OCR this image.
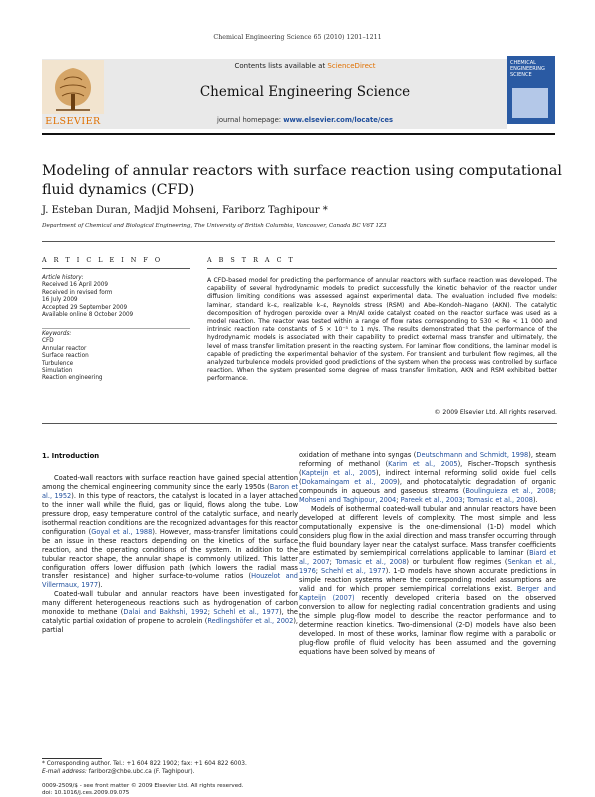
Chemical Engineering Science 65 (2010) 1201–1211
ELSEVIER
Contents lists available at ScienceDirect
Chemical Engineering Science
journal homepage: www.elsevier.com/locate/ces
CHEMICAL ENGINEERING SCIENCE
Modeling of annular reactors with surface reaction using computational fluid dynamics (CFD)
J. Esteban Duran, Madjid Mohseni, Fariborz Taghipour *
Department of Chemical and Biological Engineering, The University of British Columbia, Vancouver, Canada BC V6T 1Z3
A R T I C L E I N F O
Article history:
Received 16 April 2009
Received in revised form
16 July 2009
Accepted 29 September 2009
Available online 8 October 2009
Keywords:
CFD
Annular reactor
Surface reaction
Turbulence
Simulation
Reaction engineering
A B S T R A C T
A CFD-based model for predicting the performance of annular reactors with surface reaction was developed. The capability of several hydrodynamic models to predict successfully the kinetic behavior of the reactor under diffusion limiting conditions was assessed against experimental data. The evaluation included five models: laminar, standard k–ε, realizable k–ε, Reynolds stress (RSM) and Abe–Kondoh–Nagano (AKN). The catalytic decomposition of hydrogen peroxide over a Mn/Al oxide catalyst coated on the reactor surface was used as a model reaction. The reactor was tested within a range of flow rates corresponding to 530 < Re < 11 000 and intrinsic reaction rate constants of 5 × 10⁻⁵ to 1 m/s. The results demonstrated that the performance of the hydrodynamic models is associated with their capability to predict external mass transfer and ultimately, the level of mass transfer limitation present in the reacting system. For laminar flow conditions, the laminar model is capable of predicting the experimental behavior of the system. For transient and turbulent flow regimes, all the analyzed turbulence models provided good predictions of the system when the process was controlled by surface reaction. When the system presented some degree of mass transfer limitation, AKN and RSM exhibited better performance.
© 2009 Elsevier Ltd. All rights reserved.
1. Introduction

Coated-wall reactors with surface reaction have gained special attention among the chemical engineering community since the early 1950s (Baron et al., 1952). In this type of reactors, the catalyst is located in a layer attached to the inner wall while the fluid, gas or liquid, flows along the tube. Low pressure drop, easy temperature control of the catalytic surface, and nearly isothermal reaction conditions are the recognized advantages for this reactor configuration (Goyal et al., 1988). However, mass-transfer limitations could be an issue in these reactors depending on the kinetics of the surface reaction, and the operating conditions of the system. In addition to the tubular reactor shape, the annular shape is commonly utilized. This latter configuration offers lower diffusion path (which lowers the radial mass transfer resistance) and higher surface-to-volume ratios (Houzelot and Villermaux, 1977).

Coated-wall tubular and annular reactors have been investigated for many different heterogeneous reactions such as hydrogenation of carbon monoxide to methane (Dalai and Bakhshi, 1992; Schehl et al., 1977), the catalytic partial oxidation of propene to acrolein (Redlingshöfer et al., 2002), partial

oxidation of methane into syngas (Deutschmann and Schmidt, 1998), steam reforming of methanol (Karim et al., 2005), Fischer–Tropsch synthesis (Kapteijn et al., 2005), indirect internal reforming solid oxide fuel cells (Dokamaingam et al., 2009), and photocatalytic degradation of organic compounds in aqueous and gaseous streams (Boulinguieza et al., 2008; Mohseni and Taghipour, 2004; Pareek et al., 2003; Tomasic et al., 2008).

Models of isothermal coated-wall tubular and annular reactors have been developed at different levels of complexity. The most simple and less computationally expensive is the one-dimensional (1-D) model which considers plug flow in the axial direction and mass transfer occurring through the fluid boundary layer near the catalyst surface. Mass transfer coefficients are estimated by semiempirical correlations applicable to laminar (Biard et al., 2007; Tomasic et al., 2008) or turbulent flow regimes (Senkan et al., 1976; Schehl et al., 1977). 1-D models have shown accurate predictions in simple reaction systems where the corresponding model assumptions are valid and for which proper semiempirical correlations exist. Berger and Kapteijn (2007) recently developed criteria based on the observed conversion to allow for neglecting radial concentration gradients and using the simple plug-flow model to describe the reactor performance and to determine reaction kinetics. Two-dimensional (2-D) models have also been developed. In most of these works, laminar flow regime with a parabolic or plug-flow profile of fluid velocity has been assumed and the governing equations have been solved by means of

* Corresponding author. Tel.: +1 604 822 1902; fax: +1 604 822 6003.
E-mail address: fariborz@chbe.ubc.ca (F. Taghipour).
0009-2509/$ - see front matter © 2009 Elsevier Ltd. All rights reserved.
doi: 10.1016/j.ces.2009.09.075
